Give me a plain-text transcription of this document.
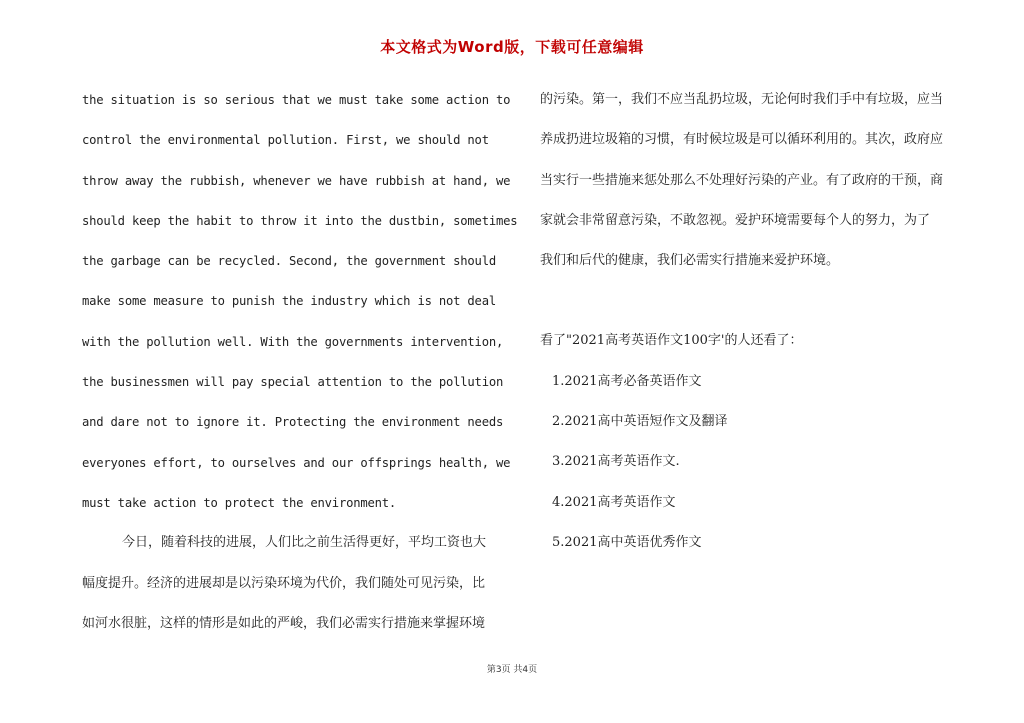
本文格式为Word版，下载可任意编辑

the situation is so serious that we must take some action to
control the environmental pollution. First, we should not
throw away the rubbish, whenever we have rubbish at hand, we
should keep the habit to throw it into the dustbin, sometimes
the garbage can be recycled. Second, the government should
make some measure to punish the industry which is not deal
with the pollution well. With the governments intervention,
the businessmen will pay special attention to the pollution
and dare not to ignore it. Protecting the environment needs
everyones effort, to ourselves and our offsprings health, we
must take action to protect the environment.

今日，随着科技的进展，人们比之前生活得更好，平均工资也大
幅度提升。经济的进展却是以污染环境为代价，我们随处可见污染，比
如河水很脏，这样的情形是如此的严峻，我们必需实行措施来掌握环境

的污染。第一，我们不应当乱扔垃圾，无论何时我们手中有垃圾，应当
养成扔进垃圾箱的习惯，有时候垃圾是可以循环利用的。其次，政府应
当实行一些措施来惩处那么不处理好污染的产业。有了政府的干预，商
家就会非常留意污染，不敢忽视。爱护环境需要每个人的努力，为了
我们和后代的健康，我们必需实行措施来爱护环境。

看了"2021高考英语作文100字'的人还看了：
1.2021高考必备英语作文
2.2021高中英语短作文及翻译
3.2021高考英语作文.
4.2021高考英语作文
5.2021高中英语优秀作文
第3页 共4页
